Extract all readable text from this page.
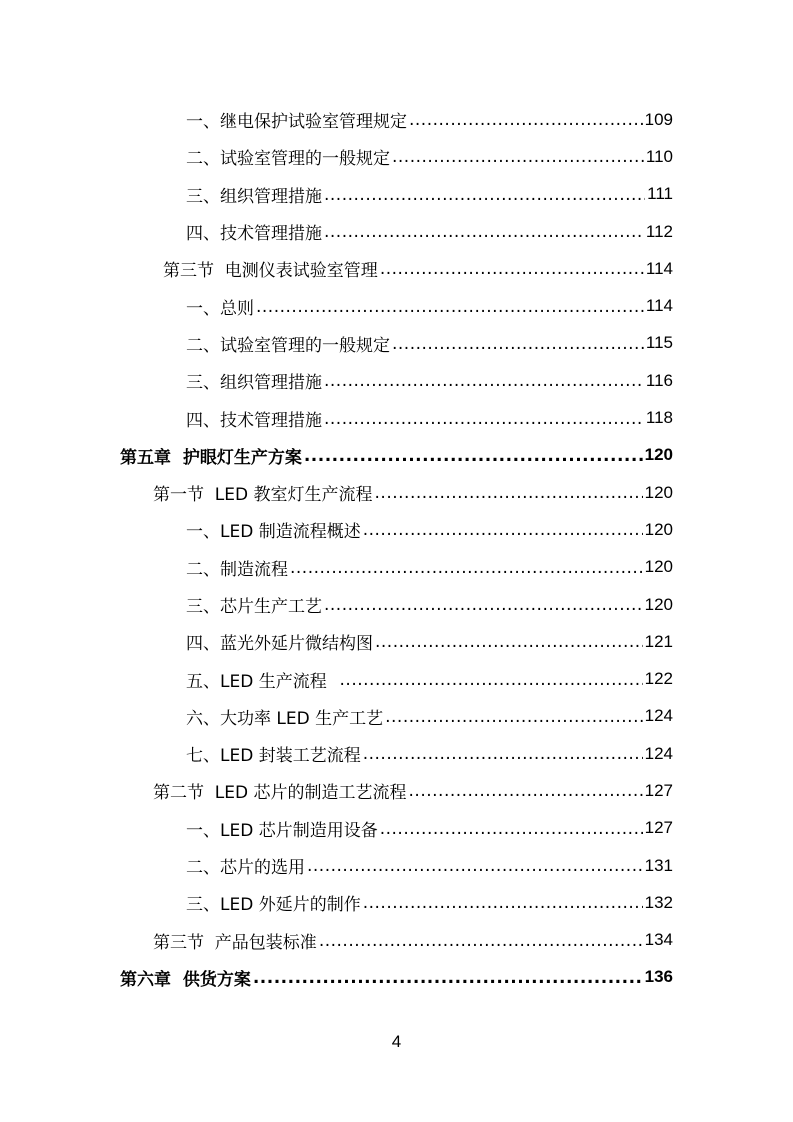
一、继电保护试验室管理规定 .....	109
二、试验室管理的一般规定 .....	110
三、组织管理措施 .....	111
四、技术管理措施 .....	112
第三节  电测仪表试验室管理 .....	114
一、总则 .....	114
二、试验室管理的一般规定 .....	115
三、组织管理措施 .....	116
四、技术管理措施 .....	118
第五章  护眼灯生产方案 .....	120
第一节  LED 教室灯生产流程 .....	120
一、LED 制造流程概述 .....	120
二、制造流程 .....	120
三、芯片生产工艺 .....	120
四、蓝光外延片微结构图 .....	121
五、LED 生产流程 .....	122
六、大功率 LED 生产工艺 .....	124
七、LED 封装工艺流程 .....	124
第二节  LED 芯片的制造工艺流程 .....	127
一、LED 芯片制造用设备 .....	127
二、芯片的选用 .....	131
三、LED 外延片的制作 .....	132
第三节  产品包装标准 .....	134
第六章  供货方案 .....	136
4
